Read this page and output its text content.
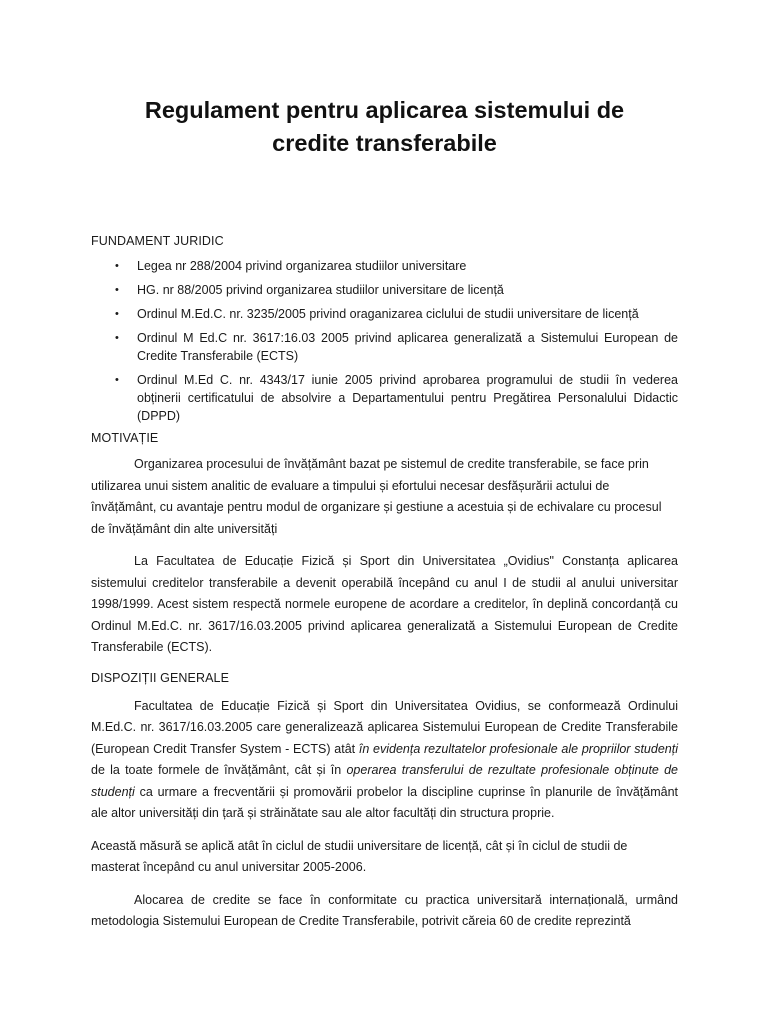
Regulament pentru aplicarea sistemului de
credite transferabile
FUNDAMENT JURIDIC
• Legea nr 288/2004 privind organizarea studiilor universitare
• HG. nr 88/2005 privind organizarea studiilor universitare de licență
• Ordinul M.Ed.C. nr. 3235/2005 privind oraganizarea ciclului de studii universitare de licență
• Ordinul M Ed.C nr. 3617:16.03 2005 privind aplicarea generalizată a Sistemului European de Credite Transferabile (ECTS)
• Ordinul M.Ed C. nr. 4343/17 iunie 2005 privind aprobarea programului de studii în vederea obținerii certificatului de absolvire a Departamentului pentru Pregătirea Personalului Didactic (DPPD)
MOTIVAȚIE

Organizarea procesului de învățământ bazat pe sistemul de credite transferabile, se face prin utilizarea unui sistem analitic de evaluare a timpului și efortului necesar desfășurării actului de învățământ, cu avantaje pentru modul de organizare și gestiune a acestuia și de echivalare cu procesul de învățământ din alte universități

La Facultatea de Educație Fizică și Sport din Universitatea „Ovidius" Constanța aplicarea sistemului creditelor transferabile a devenit operabilă începând cu anul I de studii al anului universitar 1998/1999. Acest sistem respectă normele europene de acordare a creditelor, în deplină concordanță cu Ordinul M.Ed.C. nr. 3617/16.03.2005 privind aplicarea generalizată a Sistemului European de Credite Transferabile (ECTS).

DISPOZIȚII GENERALE

Facultatea de Educație Fizică și Sport din Universitatea Ovidius, se conformează Ordinului M.Ed.C. nr. 3617/16.03.2005 care generalizează aplicarea Sistemului European de Credite Transferabile (European Credit Transfer System - ECTS) atât în evidența rezultatelor profesionale ale propriilor studenți de la toate formele de învățământ, cât și în operarea transferului de rezultate profesionale obținute de studenți ca urmare a frecventării și promovării probelor la discipline cuprinse în planurile de învățământ ale altor universități din țară și străinătate sau ale altor facultăți din structura proprie.

Această măsură se aplică atât în ciclul de studii universitare de licență, cât și în ciclul de studii de masterat începând cu anul universitar 2005-2006.

Alocarea de credite se face în conformitate cu practica universitară internațională, urmând metodologia Sistemului European de Credite Transferabile, potrivit căreia 60 de credite reprezintă
